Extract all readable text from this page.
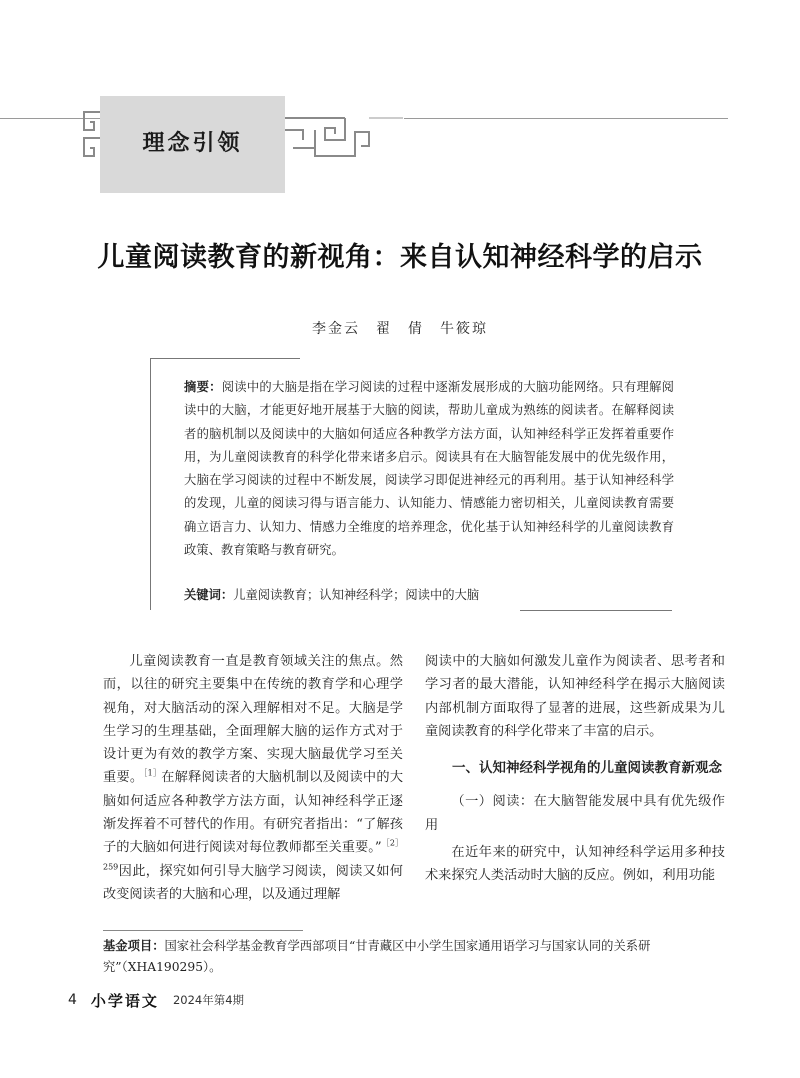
理念引领
儿童阅读教育的新视角：来自认知神经科学的启示
李金云　翟　倩　牛筱琼
摘要：阅读中的大脑是指在学习阅读的过程中逐渐发展形成的大脑功能网络。只有理解阅读中的大脑，才能更好地开展基于大脑的阅读，帮助儿童成为熟练的阅读者。在解释阅读者的脑机制以及阅读中的大脑如何适应各种教学方法方面，认知神经科学正发挥着重要作用，为儿童阅读教育的科学化带来诸多启示。阅读具有在大脑智能发展中的优先级作用，大脑在学习阅读的过程中不断发展，阅读学习即促进神经元的再利用。基于认知神经科学的发现，儿童的阅读习得与语言能力、认知能力、情感能力密切相关，儿童阅读教育需要确立语言力、认知力、情感力全维度的培养理念，优化基于认知神经科学的儿童阅读教育政策、教育策略与教育研究。
关键词：儿童阅读教育；认知神经科学；阅读中的大脑

儿童阅读教育一直是教育领域关注的焦点。然而，以往的研究主要集中在传统的教育学和心理学视角，对大脑活动的深入理解相对不足。大脑是学生学习的生理基础，全面理解大脑的运作方式对于设计更为有效的教学方案、实现大脑最优学习至关重要。$^{[1]}$在解释阅读者的大脑机制以及阅读中的大脑如何适应各种教学方法方面，认知神经科学正逐渐发挥着不可替代的作用。有研究者指出：“了解孩子的大脑如何进行阅读对每位教师都至关重要。”$^{[2]259}$因此，探究如何引导大脑学习阅读，阅读又如何改变阅读者的大脑和心理，以及通过理解

阅读中的大脑如何激发儿童作为阅读者、思考者和学习者的最大潜能，认知神经科学在揭示大脑阅读内部机制方面取得了显著的进展，这些新成果为儿童阅读教育的科学化带来了丰富的启示。

一、认知神经科学视角的儿童阅读教育新观念

（一）阅读：在大脑智能发展中具有优先级作用

在近年来的研究中，认知神经科学运用多种技术来探究人类活动时大脑的反应。例如，利用功能

基金项目：国家社会科学基金教育学西部项目“甘青藏区中小学生国家通用语学习与国家认同的关系研究”（XHA190295）。
4 小学语文 2024年第4期
